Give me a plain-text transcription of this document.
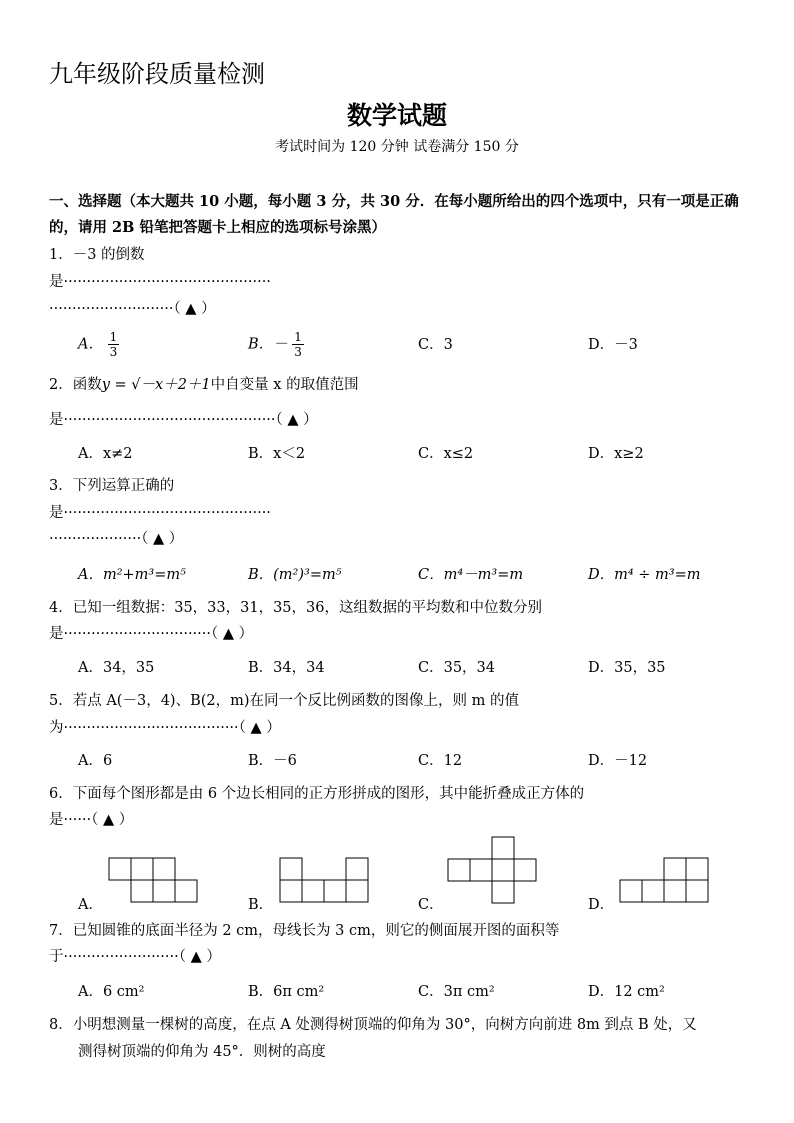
九年级阶段质量检测
数学试题
考试时间为 120 分钟 试卷满分 150 分
一、选择题（本大题共 10 小题，每小题 3 分，共 30 分．在每小题所给出的四个选项中，只有一项是正确的，请用 2B 铅笔把答题卡上相应的选项标号涂黑）
1．－3 的倒数
是·············································
···························（ ▲ ）
A． $\frac{1}{3}$	B．－ $\frac{1}{3}$	C．3	D．－3
2．函数y = √－x＋2＋1中自变量 x 的取值范围
是··············································（ ▲ ）
A．x≠2	B．x＜2	C．x≤2	D．x≥2
3．下列运算正确的
是·············································
····················（ ▲ ）
A．m²+m³=m⁵	B．(m²)³=m⁵	C．m⁴－m³=m	D．m⁴ ÷ m³=m
4．已知一组数据：35，33，31，35，36，这组数据的平均数和中位数分别
是································（ ▲ ）
A．34，35	B．34，34	C．35，34	D．35，35
5．若点 A(－3，4)、B(2，m)在同一个反比例函数的图像上，则 m 的值
为······································（ ▲ ）
A．6	B．－6	C．12	D．－12
6．下面每个图形都是由 6 个边长相同的正方形拼成的图形，其中能折叠成正方体的
是······（ ▲ ）
A．	B．	C．	D．
7．已知圆锥的底面半径为 2 cm，母线长为 3 cm，则它的侧面展开图的面积等
于·························（ ▲ ）
A．6 cm²	B．6π cm²	C．3π cm²	D．12 cm²
8．小明想测量一棵树的高度，在点 A 处测得树顶端的仰角为 30°，向树方向前进 8m 到点 B 处，又
测得树顶端的仰角为 45°．则树的高度
